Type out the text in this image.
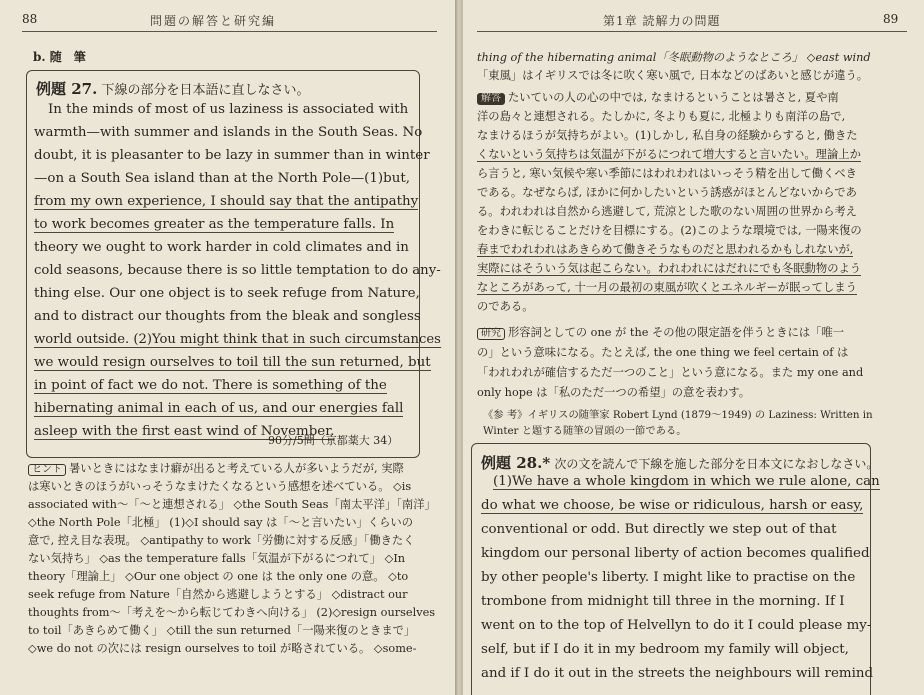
88	問題の解答と研究編
b. 随　筆
例題 27. 下線の部分を日本語に直しなさい。
In the minds of most of us laziness is associated with
warmth—with summer and islands in the South Seas. No
doubt, it is pleasanter to be lazy in summer than in winter
—on a South Sea island than at the North Pole—(1)but,
from my own experience, I should say that the antipathy
to work becomes greater as the temperature falls. In
theory we ought to work harder in cold climates and in
cold seasons, because there is so little temptation to do any-
thing else. Our one object is to seek refuge from Nature,
and to distract our thoughts from the bleak and songless
world outside. (2)You might think that in such circumstances
we would resign ourselves to toil till the sun returned, but
in point of fact we do not. There is something of the
hibernating animal in each of us, and our energies fall
asleep with the first east wind of November.
90分/5問（京都薬大 34）
ヒント 暑いときにはなまけ癖が出ると考えている人が多いようだが, 実際
は寒いときのほうがいっそうなまけたくなるという感想を述べている。 ◇is
associated with～「～と連想される」 ◇the South Seas「南太平洋」「南洋」
◇the North Pole「北極」 (1)◇I should say は「～と言いたい」くらいの
意で, 控え目な表現。 ◇antipathy to work「労働に対する反感」「働きたく
ない気持ち」 ◇as the temperature falls「気温が下がるにつれて」 ◇In
theory「理論上」 ◇Our one object の one は the only one の意。 ◇to
seek refuge from Nature「自然から逃避しようとする」 ◇distract our
thoughts from～「考えを～から転じてわきへ向ける」 (2)◇resign ourselves
to toil「あきらめて働く」 ◇till the sun returned「一陽来復のときまで」
◇we do not の次には resign ourselves to toil が略されている。 ◇some-
第1章 読解力の問題	89
thing of the hibernating animal「冬眠動物のようなところ」 ◇east wind
「東風」はイギリスでは冬に吹く寒い風で, 日本などのばあいと感じが違う。
解答 たいていの人の心の中では, なまけるということは暑さと, 夏や南
洋の島々と連想される。たしかに, 冬よりも夏に, 北極よりも南洋の島で,
なまけるほうが気持ちがよい。(1)しかし, 私自身の経験からすると, 働きた
くないという気持ちは気温が下がるにつれて増大すると言いたい。理論上か
ら言うと, 寒い気候や寒い季節にはわれわれはいっそう精を出して働くべき
である。なぜならば, ほかに何かしたいという誘惑がほとんどないからであ
る。われわれは自然から逃避して, 荒涼とした歌のない周囲の世界から考え
をわきに転じることだけを目標にする。(2)このような環境では, 一陽来復の
春までわれわれはあきらめて働きそうなものだと思われるかもしれないが,
実際にはそういう気は起こらない。われわれにはだれにでも冬眠動物のよう
なところがあって, 十一月の最初の東風が吹くとエネルギーが眠ってしまう
のである。
研究 形容詞としての one が the その他の限定語を伴うときには「唯一
の」という意味になる。たとえば, the one thing we feel certain of は
「われわれが確信するただ一つのこと」という意になる。また my one and
only hope は「私のただ一つの希望」の意を表わす。
《参 考》イギリスの随筆家 Robert Lynd (1879～1949) の Laziness: Written in
Winter と題する随筆の冒頭の一節である。
例題 28.* 次の文を読んで下線を施した部分を日本文になおしなさい。
(1)We have a whole kingdom in which we rule alone, can
do what we choose, be wise or ridiculous, harsh or easy,
conventional or odd. But directly we step out of that
kingdom our personal liberty of action becomes qualified
by other people's liberty. I might like to practise on the
trombone from midnight till three in the morning. If I
went on to the top of Helvellyn to do it I could please my-
self, but if I do it in my bedroom my family will object,
and if I do it out in the streets the neighbours will remind
